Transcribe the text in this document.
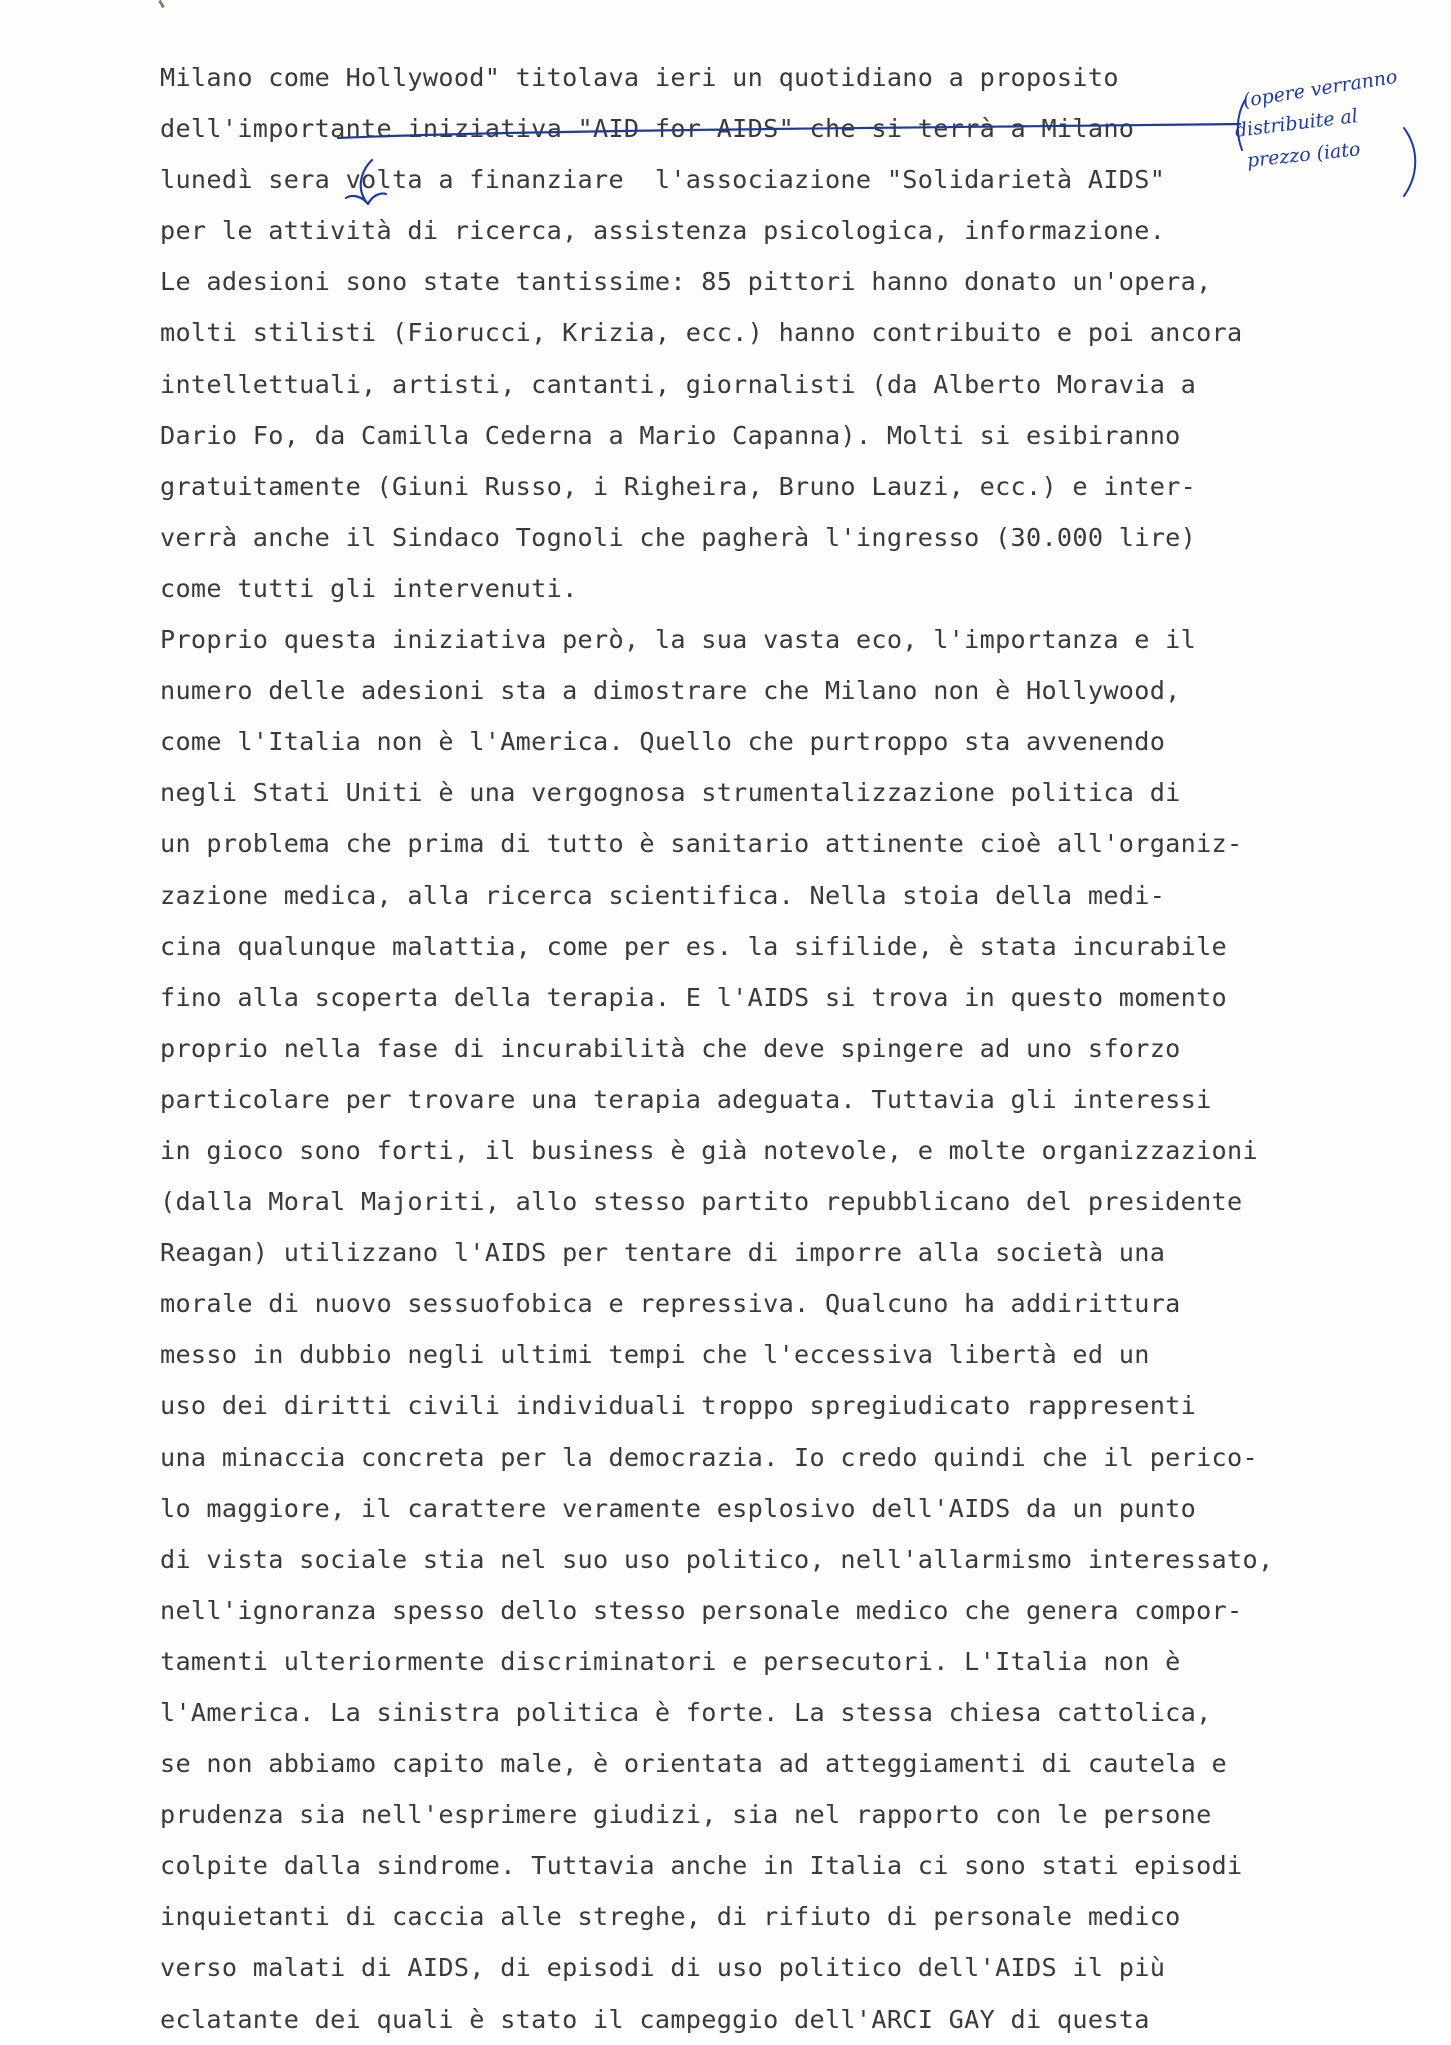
Milano come Hollywood" titolava ieri un quotidiano a proposito
dell'importante iniziativa "AID for AIDS" che si terrà a Milano
lunedì sera volta a finanziare  l'associazione "Solidarietà AIDS"
per le attività di ricerca, assistenza psicologica, informazione.
Le adesioni sono state tantissime: 85 pittori hanno donato un'opera,
molti stilisti (Fiorucci, Krizia, ecc.) hanno contribuito e poi ancora
intellettuali, artisti, cantanti, giornalisti (da Alberto Moravia a
Dario Fo, da Camilla Cederna a Mario Capanna). Molti si esibiranno
gratuitamente (Giuni Russo, i Righeira, Bruno Lauzi, ecc.) e inter-
verrà anche il Sindaco Tognoli che pagherà l'ingresso (30.000 lire)
come tutti gli intervenuti.
Proprio questa iniziativa però, la sua vasta eco, l'importanza e il
numero delle adesioni sta a dimostrare che Milano non è Hollywood,
come l'Italia non è l'America. Quello che purtroppo sta avvenendo
negli Stati Uniti è una vergognosa strumentalizzazione politica di
un problema che prima di tutto è sanitario attinente cioè all'organiz-
zazione medica, alla ricerca scientifica. Nella stoia della medi-
cina qualunque malattia, come per es. la sifilide, è stata incurabile
fino alla scoperta della terapia. E l'AIDS si trova in questo momento
proprio nella fase di incurabilità che deve spingere ad uno sforzo
particolare per trovare una terapia adeguata. Tuttavia gli interessi
in gioco sono forti, il business è già notevole, e molte organizzazioni
(dalla Moral Majoriti, allo stesso partito repubblicano del presidente
Reagan) utilizzano l'AIDS per tentare di imporre alla società una
morale di nuovo sessuofobica e repressiva. Qualcuno ha addirittura
messo in dubbio negli ultimi tempi che l'eccessiva libertà ed un
uso dei diritti civili individuali troppo spregiudicato rappresenti
una minaccia concreta per la democrazia. Io credo quindi che il perico-
lo maggiore, il carattere veramente esplosivo dell'AIDS da un punto
di vista sociale stia nel suo uso politico, nell'allarmismo interessato,
nell'ignoranza spesso dello stesso personale medico che genera compor-
tamenti ulteriormente discriminatori e persecutori. L'Italia non è
l'America. La sinistra politica è forte. La stessa chiesa cattolica,
se non abbiamo capito male, è orientata ad atteggiamenti di cautela e
prudenza sia nell'esprimere giudizi, sia nel rapporto con le persone
colpite dalla sindrome. Tuttavia anche in Italia ci sono stati episodi
inquietanti di caccia alle streghe, di rifiuto di personale medico
verso malati di AIDS, di episodi di uso politico dell'AIDS il più
eclatante dei quali è stato il campeggio dell'ARCI GAY di questa
(opere verranno
distribuite al
prezzo (iato
